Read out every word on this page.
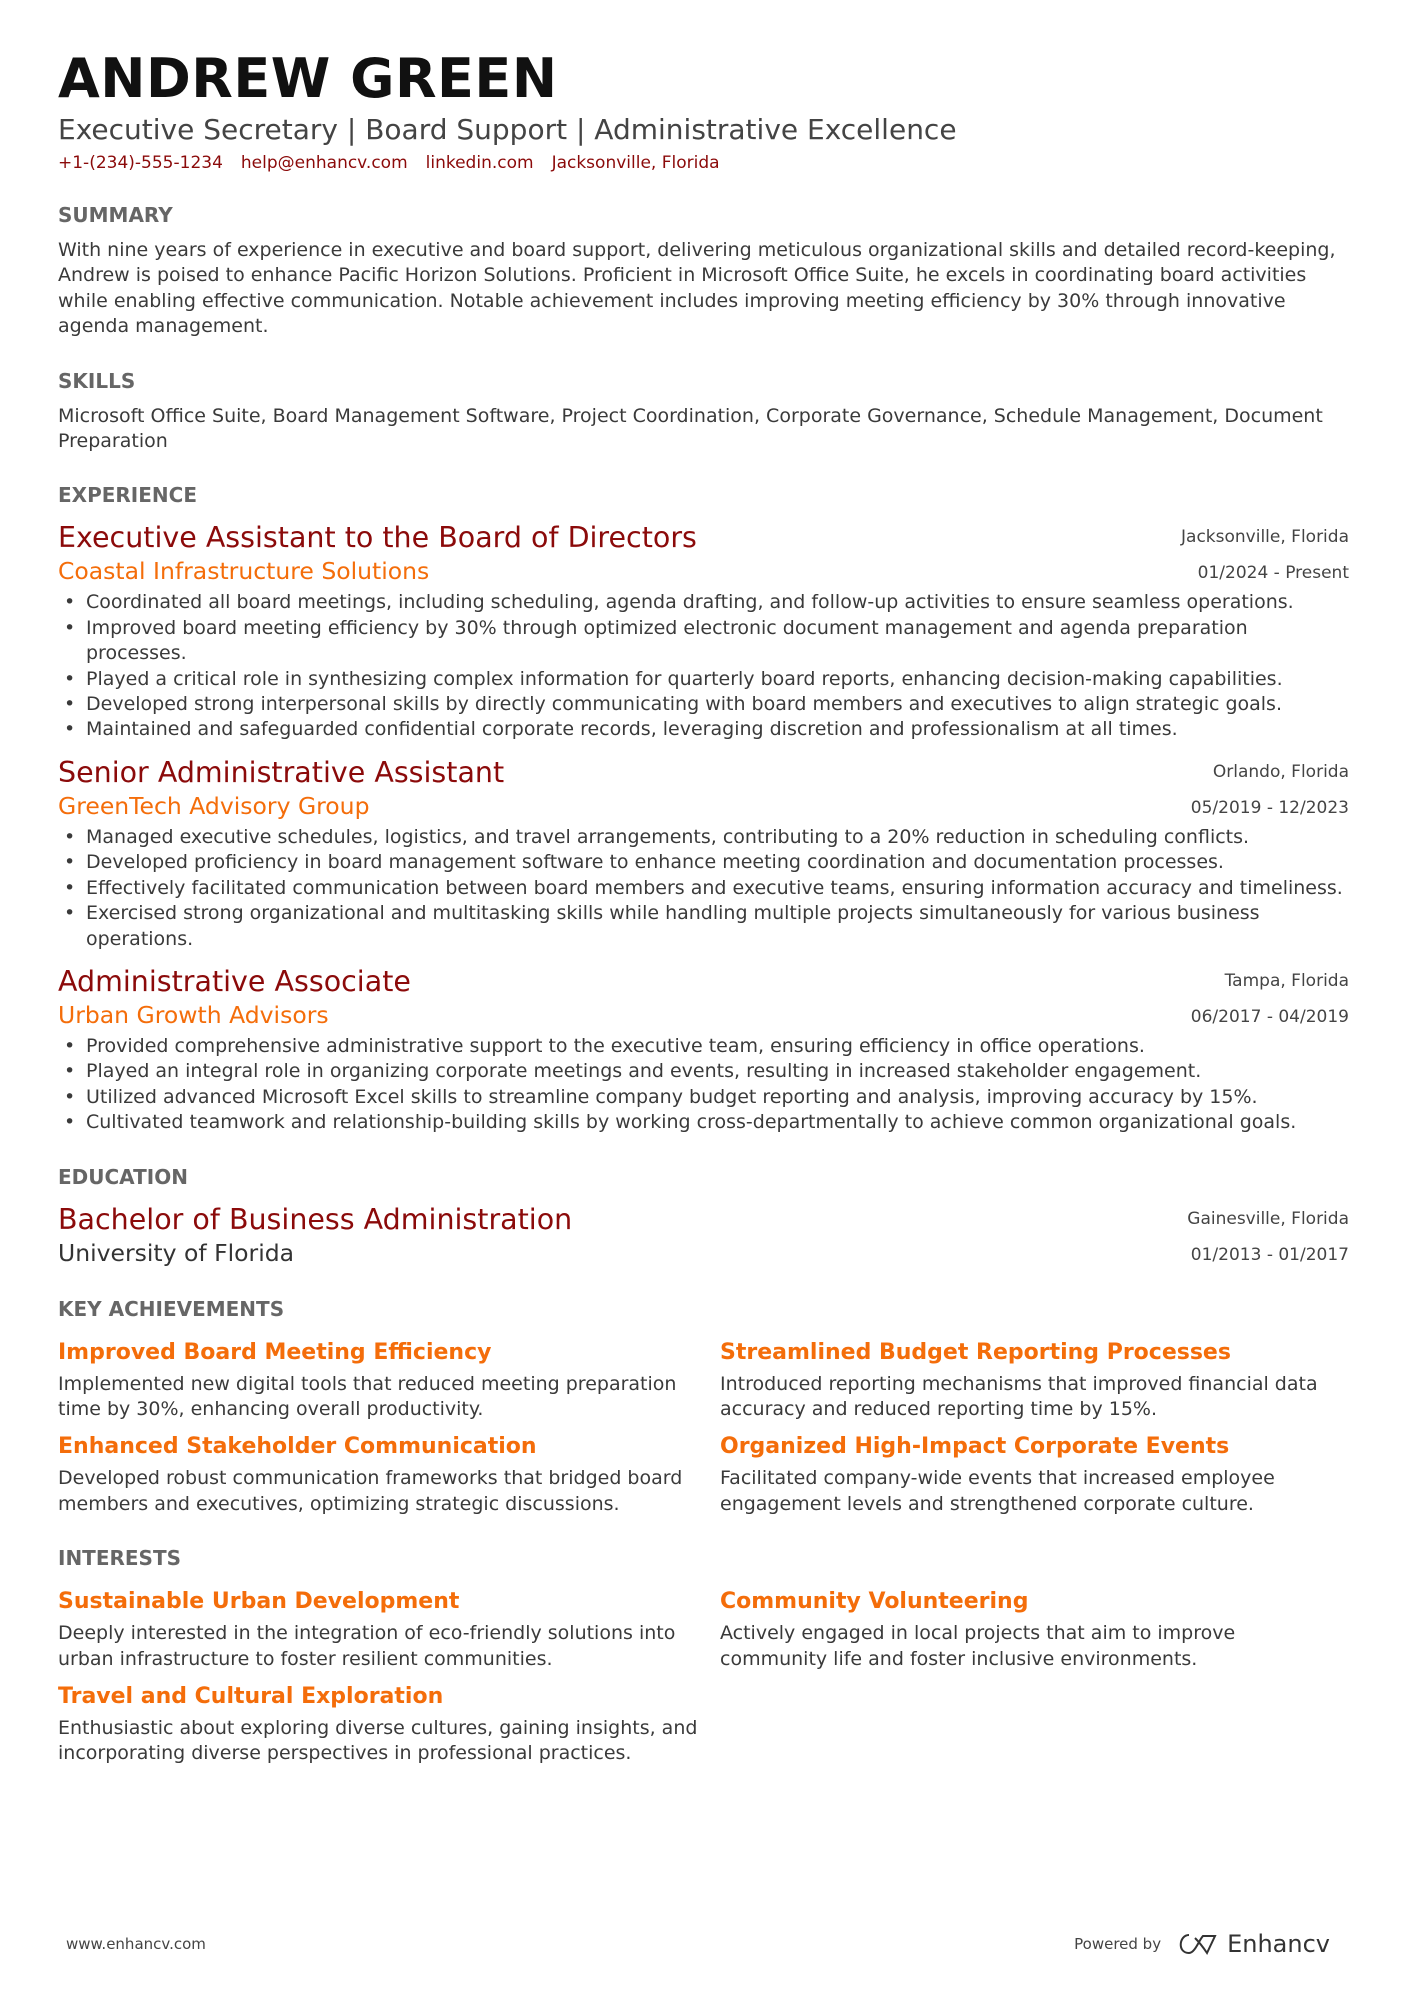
ANDREW GREEN
Executive Secretary | Board Support | Administrative Excellence
+1-(234)-555-1234 help@enhancv.com linkedin.com Jacksonville, Florida
SUMMARY
With nine years of experience in executive and board support, delivering meticulous organizational skills and detailed record-keeping, Andrew is poised to enhance Pacific Horizon Solutions. Proficient in Microsoft Office Suite, he excels in coordinating board activities while enabling effective communication. Notable achievement includes improving meeting efficiency by 30% through innovative agenda management.
SKILLS
Microsoft Office Suite, Board Management Software, Project Coordination, Corporate Governance, Schedule Management, Document Preparation
EXPERIENCE
Jacksonville, Florida
01/2024 - Present
Executive Assistant to the Board of Directors
Coastal Infrastructure Solutions
• Coordinated all board meetings, including scheduling, agenda drafting, and follow-up activities to ensure seamless operations.
• Improved board meeting efficiency by 30% through optimized electronic document management and agenda preparation processes.
• Played a critical role in synthesizing complex information for quarterly board reports, enhancing decision-making capabilities.
• Developed strong interpersonal skills by directly communicating with board members and executives to align strategic goals.
• Maintained and safeguarded confidential corporate records, leveraging discretion and professionalism at all times.
Orlando, Florida
05/2019 - 12/2023
Senior Administrative Assistant
GreenTech Advisory Group
• Managed executive schedules, logistics, and travel arrangements, contributing to a 20% reduction in scheduling conflicts.
• Developed proficiency in board management software to enhance meeting coordination and documentation processes.
• Effectively facilitated communication between board members and executive teams, ensuring information accuracy and timeliness.
• Exercised strong organizational and multitasking skills while handling multiple projects simultaneously for various business operations.
Tampa, Florida
06/2017 - 04/2019
Administrative Associate
Urban Growth Advisors
• Provided comprehensive administrative support to the executive team, ensuring efficiency in office operations.
• Played an integral role in organizing corporate meetings and events, resulting in increased stakeholder engagement.
• Utilized advanced Microsoft Excel skills to streamline company budget reporting and analysis, improving accuracy by 15%.
• Cultivated teamwork and relationship-building skills by working cross-departmentally to achieve common organizational goals.
EDUCATION
Gainesville, Florida
01/2013 - 01/2017
Bachelor of Business Administration
University of Florida
KEY ACHIEVEMENTS
Improved Board Meeting Efficiency
Implemented new digital tools that reduced meeting preparation time by 30%, enhancing overall productivity.
Streamlined Budget Reporting Processes
Introduced reporting mechanisms that improved financial data accuracy and reduced reporting time by 15%.
Enhanced Stakeholder Communication
Developed robust communication frameworks that bridged board members and executives, optimizing strategic discussions.
Organized High-Impact Corporate Events
Facilitated company-wide events that increased employee engagement levels and strengthened corporate culture.
INTERESTS
Sustainable Urban Development
Deeply interested in the integration of eco-friendly solutions into urban infrastructure to foster resilient communities.
Community Volunteering
Actively engaged in local projects that aim to improve community life and foster inclusive environments.
Travel and Cultural Exploration
Enthusiastic about exploring diverse cultures, gaining insights, and incorporating diverse perspectives in professional practices.
www.enhancv.com	Powered by	Enhancv
